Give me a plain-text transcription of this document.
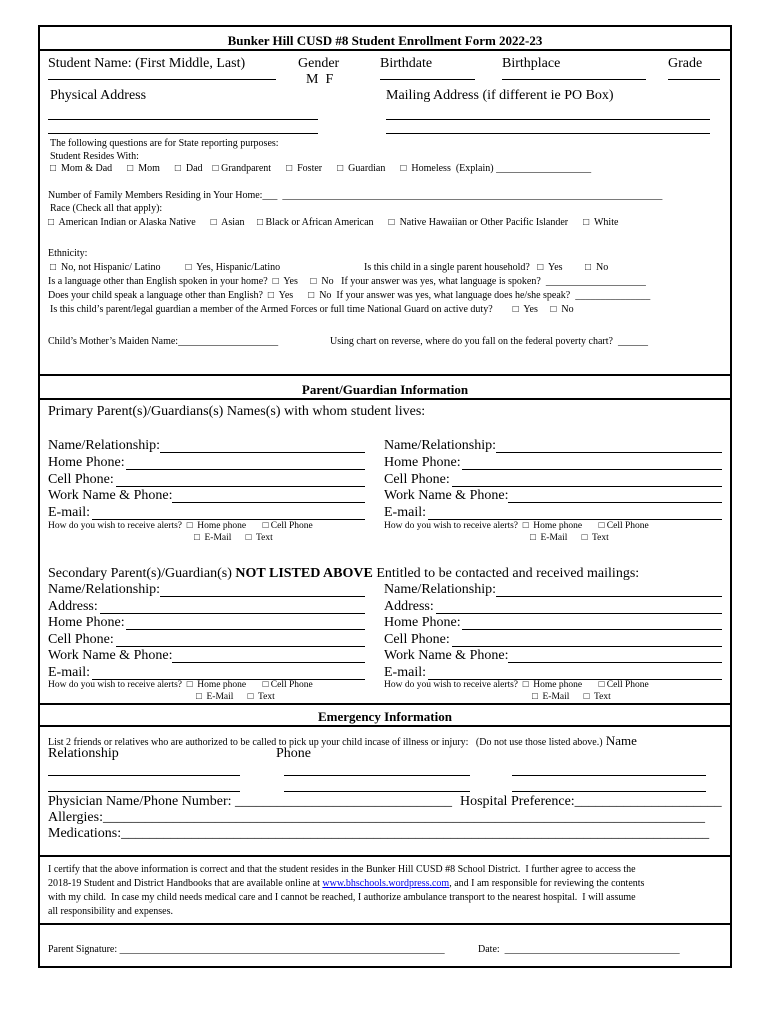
Bunker Hill CUSD #8 Student Enrollment Form 2022-23
Student Name: (First Middle, Last)	Gender
M  F
Birthdate	Birthplace	Grade
Physical Address	Mailing Address (if different ie PO Box)
The following questions are for State reporting purposes:
Student Resides With:
□  Mom & Dad      □  Mom      □  Dad    □ Grandparent      □  Foster      □  Guardian      □  Homeless  (Explain) ___________________
Number of Family Members Residing in Your Home:___  ____________________________________________________________________________
Race (Check all that apply):
□  American Indian or Alaska Native      □  Asian     □ Black or African American      □  Native Hawaiian or Other Pacific Islander      □  White
Ethnicity:
□  No, not Hispanic/ Latino          □  Yes, Hispanic/Latino	Is this child in a single parent household?   □  Yes         □  No
Is a language other than English spoken in your home?  □  Yes     □  No   If your answer was yes, what language is spoken?  ____________________
Does your child speak a language other than English?  □  Yes      □  No  If your answer was yes, what language does he/she speak?  _______________
Is this child’s parent/legal guardian a member of the Armed Forces or full time National Guard on active duty?        □  Yes     □  No
Child’s Mother’s Maiden Name:____________________	Using chart on reverse, where do you fall on the federal poverty chart?  ______
Parent/Guardian Information
Primary Parent(s)/Guardians(s) Names(s) with whom student lives:
Name/Relationship:
Home Phone:
Cell Phone:
Work Name & Phone:
E-mail:
How do you wish to receive alerts?  □  Home phone       □ Cell Phone
□  E-Mail      □  Text
Name/Relationship:
Home Phone:
Cell Phone:
Work Name & Phone:
E-mail:
How do you wish to receive alerts?  □  Home phone       □ Cell Phone
□  E-Mail      □  Text
Secondary Parent(s)/Guardian(s) NOT LISTED ABOVE Entitled to be contacted and received mailings:
Name/Relationship:
Address:
Home Phone:
Cell Phone:
Work Name & Phone:
E-mail:
How do you wish to receive alerts?  □  Home phone       □ Cell Phone
□  E-Mail      □  Text
Name/Relationship:
Address:
Home Phone:
Cell Phone:
Work Name & Phone:
E-mail:
How do you wish to receive alerts?  □  Home phone       □ Cell Phone
□  E-Mail      □  Text
Emergency Information
List 2 friends or relatives who are authorized to be called to pick up your child incase of illness or injury:   (Do not use those listed above.) Name
Relationship	Phone
Physician Name/Phone Number: _______________________________ Hospital Preference:_____________________
Allergies:______________________________________________________________________________________
Medications:____________________________________________________________________________________
I certify that the above information is correct and that the student resides in the Bunker Hill CUSD #8 School District.  I further agree to access the
2018-19 Student and District Handbooks that are available online at www.bhschools.wordpress.com, and I am responsible for reviewing the contents
with my child.  In case my child needs medical care and I cannot be reached, I authorize ambulance transport to the nearest hospital.  I will assume
all responsibility and expenses.
Parent Signature: _________________________________________________________________	Date:  ___________________________________
